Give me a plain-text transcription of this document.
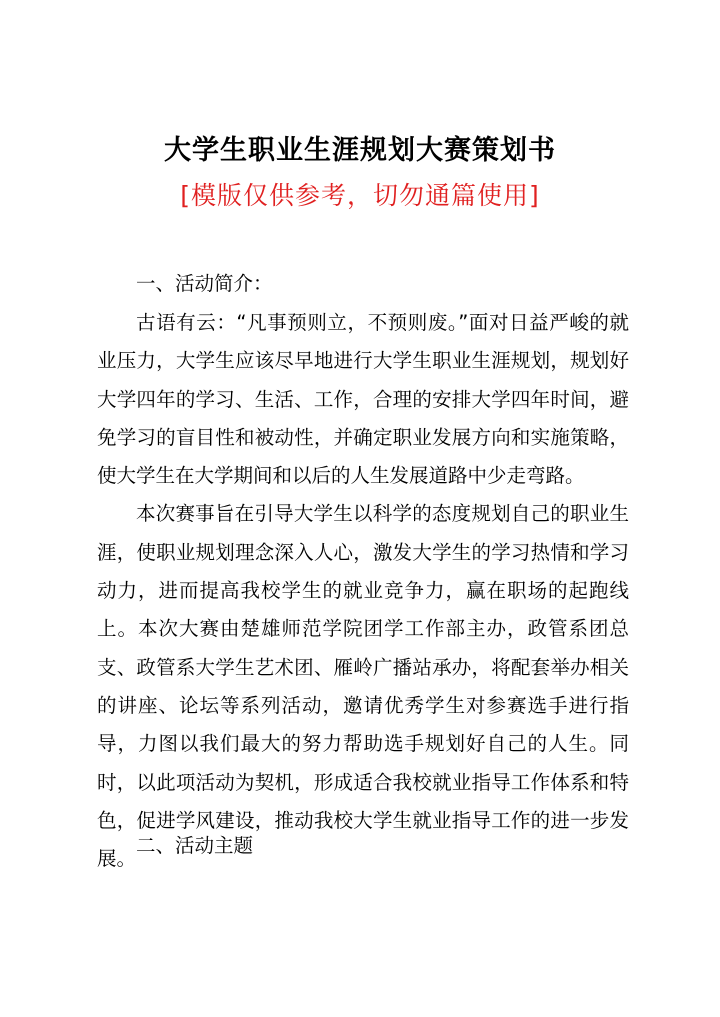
大学生职业生涯规划大赛策划书
[模版仅供参考，切勿通篇使用]
一、活动简介：

古语有云：“凡事预则立，不预则废。”面对日益严峻的就业压力，大学生应该尽早地进行大学生职业生涯规划，规划好大学四年的学习、生活、工作，合理的安排大学四年时间，避免学习的盲目性和被动性，并确定职业发展方向和实施策略，使大学生在大学期间和以后的人生发展道路中少走弯路。

本次赛事旨在引导大学生以科学的态度规划自己的职业生涯，使职业规划理念深入人心，激发大学生的学习热情和学习动力，进而提高我校学生的就业竞争力，赢在职场的起跑线上。本次大赛由楚雄师范学院团学工作部主办，政管系团总支、政管系大学生艺术团、雁岭广播站承办，将配套举办相关的讲座、论坛等系列活动，邀请优秀学生对参赛选手进行指导，力图以我们最大的努力帮助选手规划好自己的人生。同时，以此项活动为契机，形成适合我校就业指导工作体系和特色，促进学风建设，推动我校大学生就业指导工作的进一步发展。

二、活动主题
